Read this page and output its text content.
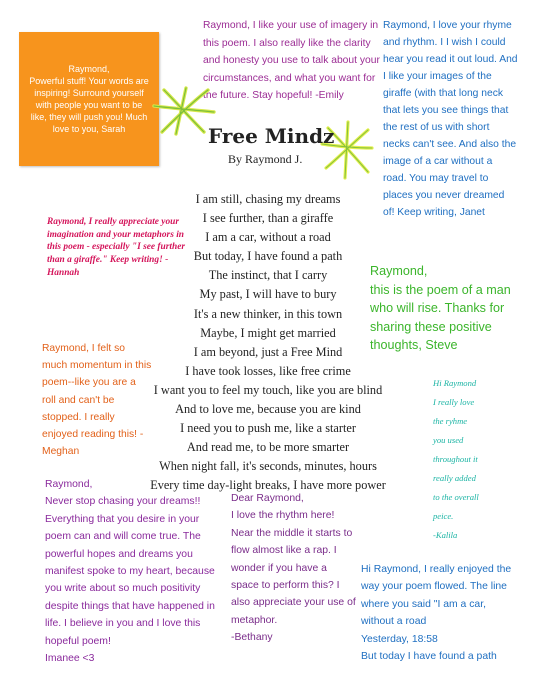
Raymond,
Powerful stuff! Your words are inspiring! Surround yourself with people you want to be like, they will push you! Much love to you, Sarah
Raymond, I like your use of imagery in this poem. I also really like the clarity and honesty you use to talk about your circumstances, and what you want for the future. Stay hopeful! -Emily
Raymond, I love your rhyme and rhythm. I I wish I could hear you read it out loud. And I like your images of the giraffe (with that long neck that lets you see things that the rest of us with short necks can't see. And also the image of a car without a road. You may travel to places you never dreamed of! Keep writing, Janet
Free Mindz
By Raymond J.
I am still, chasing my dreams
I see further, than a giraffe
I am a car, without a road
But today, I have found a path
The instinct, that I carry
My past, I will have to bury
It's a new thinker, in this town
Maybe, I might get married
I am beyond, just a Free Mind
I have took losses, like free crime
I want you to feel my touch, like you are blind
And to love me, because you are kind
I need you to push me, like a starter
And read me, to be more smarter
When night fall, it's seconds, minutes, hours
Every time day-light breaks, I have more power
Raymond, I really appreciate your imagination and your metaphors in this poem - especially "I see further than a giraffe." Keep writing! - Hannah	Raymond,
this is the poem of a man who will rise. Thanks for sharing these positive thoughts, Steve
Raymond, I felt so much momentum in this poem--like you are a roll and can't be stopped. I really enjoyed reading this! - Meghan
Hi Raymond
I really love
the ryhme
you used
throughout it
really added
to the overall
peice.
-Kalila
Raymond,
Never stop chasing your dreams!! Everything that you desire in your poem can and will come true. The powerful hopes and dreams you manifest spoke to my heart, because you write about so much positivity despite things that have happened in life. I believe in you and I love this hopeful poem!
Imanee <3
Dear Raymond,
I love the rhythm here! Near the middle it starts to flow almost like a rap. I wonder if you have a space to perform this? I also appreciate your use of metaphor.
-Bethany
Hi Raymond, I really enjoyed the way your poem flowed. The line where you said "I am a car, without a road
Yesterday, 18:58
But today I have found a path
